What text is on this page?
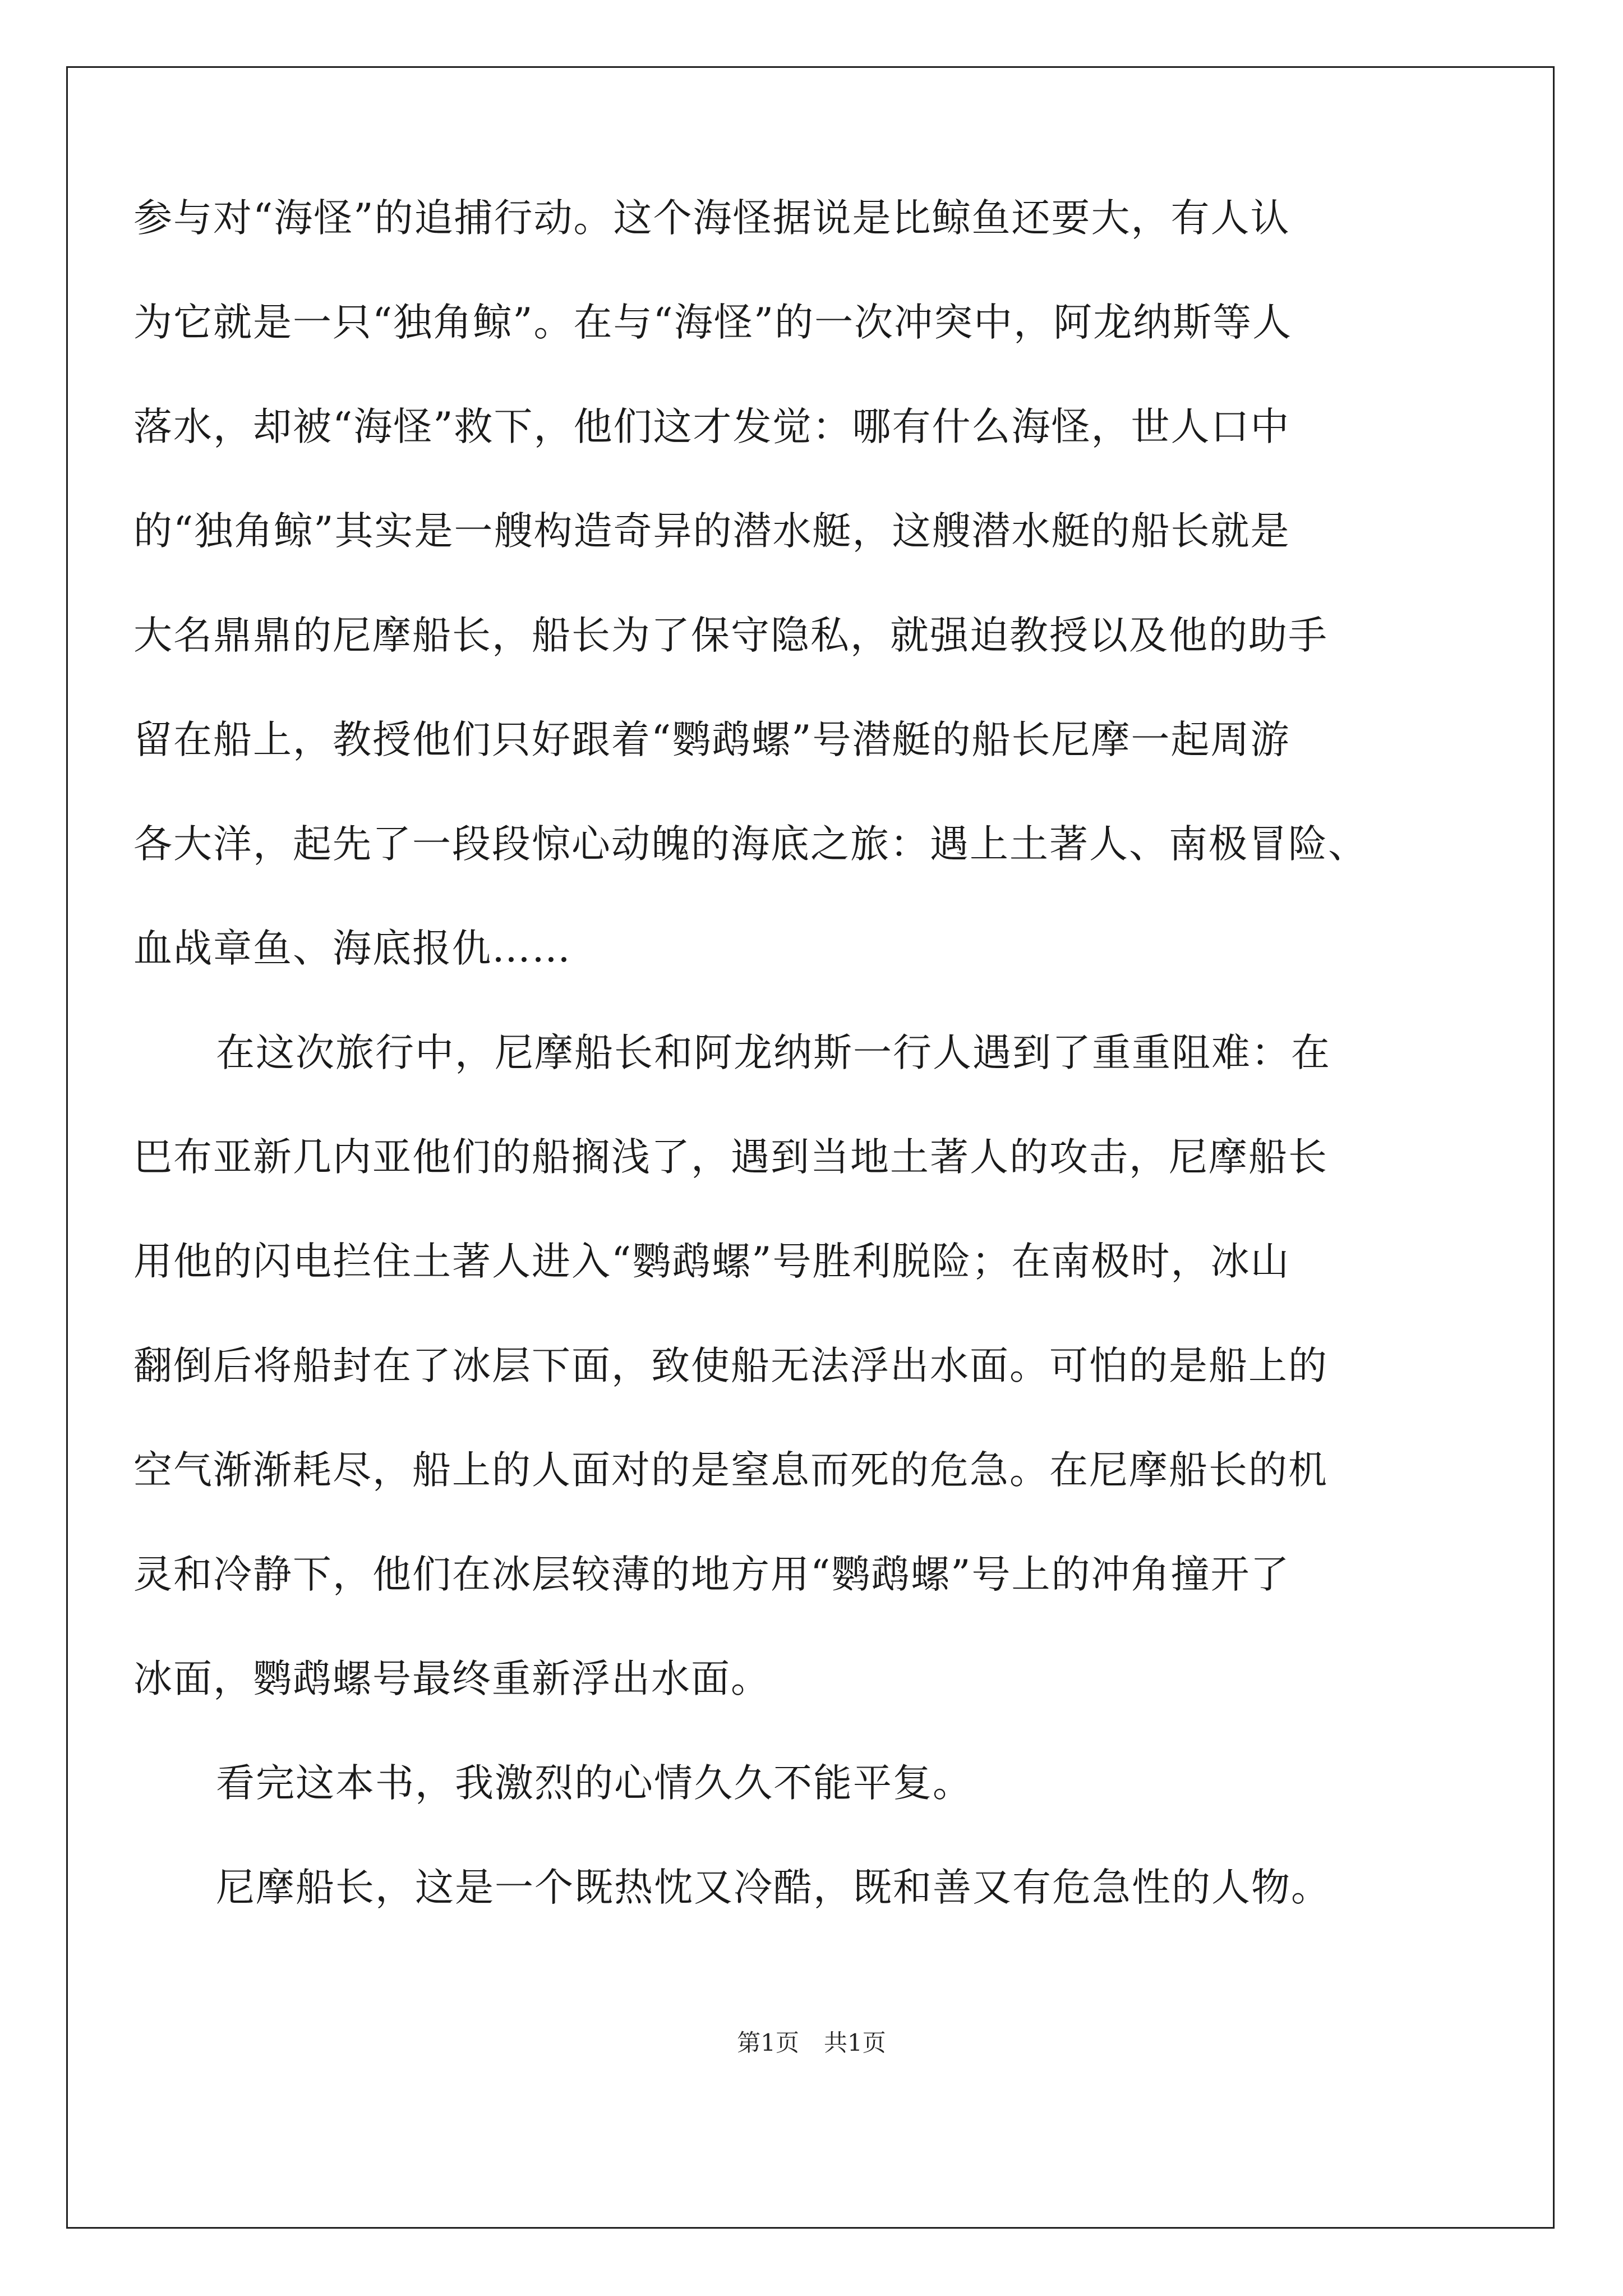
参与对“海怪”的追捕行动。这个海怪据说是比鲸鱼还要大，有人认
为它就是一只“独角鲸”。在与“海怪”的一次冲突中，阿龙纳斯等人
落水，却被“海怪”救下，他们这才发觉：哪有什么海怪，世人口中
的“独角鲸”其实是一艘构造奇异的潜水艇，这艘潜水艇的船长就是
大名鼎鼎的尼摩船长，船长为了保守隐私，就强迫教授以及他的助手
留在船上，教授他们只好跟着“鹦鹉螺”号潜艇的船长尼摩一起周游
各大洋，起先了一段段惊心动魄的海底之旅：遇上土著人、南极冒险、
血战章鱼、海底报仇……
在这次旅行中，尼摩船长和阿龙纳斯一行人遇到了重重阻难：在
巴布亚新几内亚他们的船搁浅了，遇到当地土著人的攻击，尼摩船长
用他的闪电拦住土著人进入“鹦鹉螺”号胜利脱险；在南极时，冰山
翻倒后将船封在了冰层下面，致使船无法浮出水面。可怕的是船上的
空气渐渐耗尽，船上的人面对的是窒息而死的危急。在尼摩船长的机
灵和冷静下，他们在冰层较薄的地方用“鹦鹉螺”号上的冲角撞开了
冰面，鹦鹉螺号最终重新浮出水面。
看完这本书，我激烈的心情久久不能平复。
尼摩船长，这是一个既热忱又冷酷，既和善又有危急性的人物。
第1页 共1页
